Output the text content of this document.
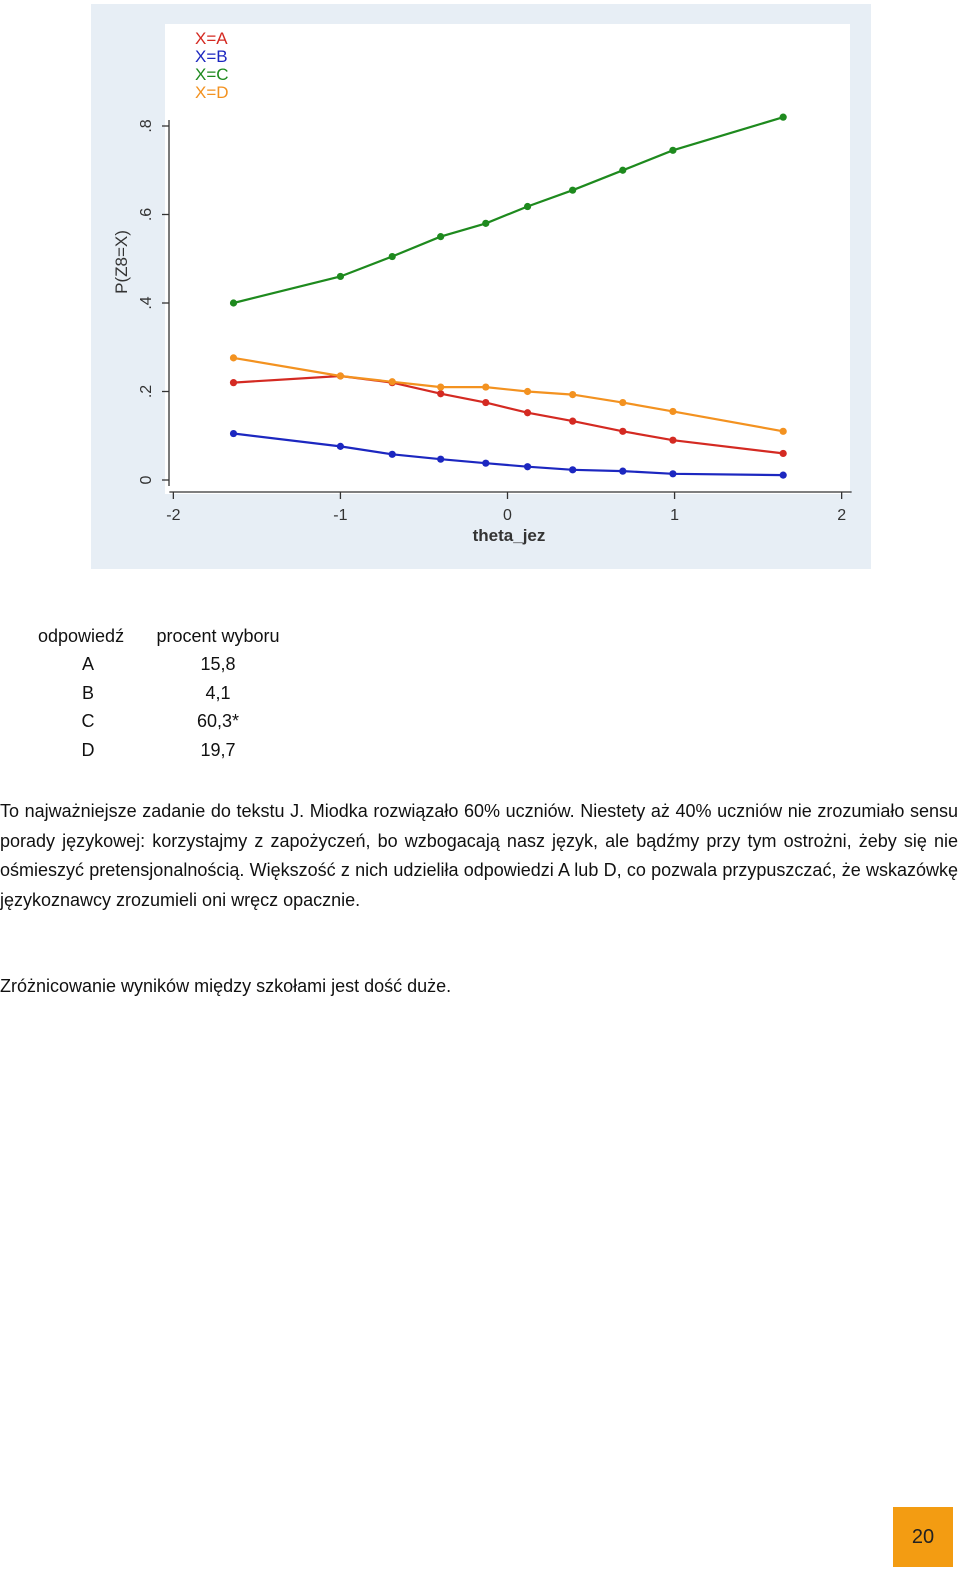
0
.2
.4
.6
.8
-2	-1	0	1	2
X=A
X=B
X=C
X=D
theta_jez
P(Z8=X)
odpowiedź	procent wyboru
A	15,8
B	4,1
C	60,3*
D	19,7

To najważniejsze zadanie do tekstu J. Miodka rozwiązało 60% uczniów. Niestety aż 40% uczniów nie zrozumiało sensu porady językowej: korzystajmy z zapożyczeń, bo wzbogacają nasz język, ale bądźmy przy tym ostrożni, żeby się nie ośmieszyć pretensjonalnością. Większość z nich udzieliła odpowiedzi A lub D, co pozwala przypuszczać, że wskazówkę językoznawcy zrozumieli oni wręcz opacznie.

Zróżnicowanie wyników między szkołami jest dość duże.

20
